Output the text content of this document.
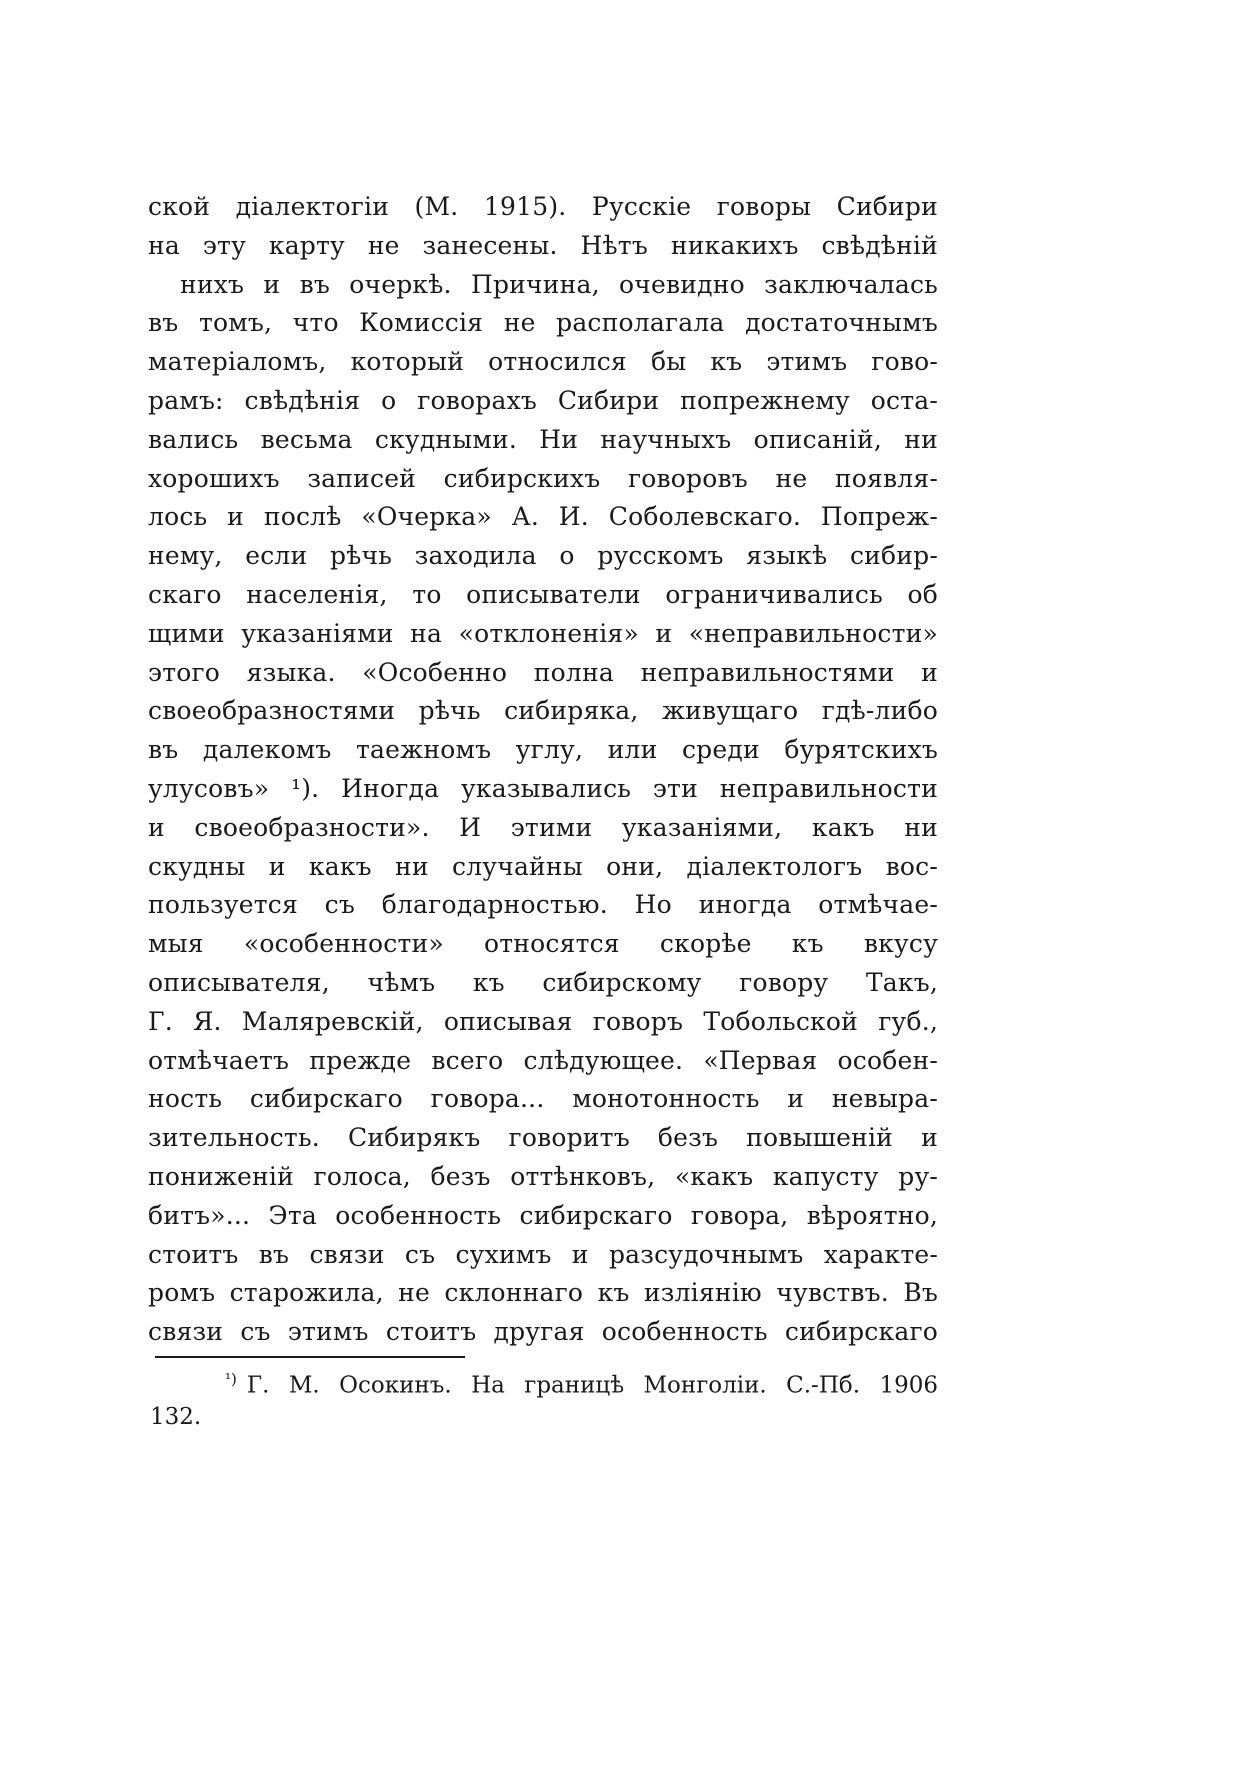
ской діалектогіи (М. 1915). Русскіе говоры Сибири
на эту карту не занесены. Нѣтъ никакихъ свѣдѣній
нихъ и въ очеркѣ. Причина, очевидно заключалась
въ томъ, что Комиссія не располагала достаточнымъ
матеріаломъ, который относился бы къ этимъ гово-
рамъ: свѣдѣнія о говорахъ Сибири попрежнему оста-
вались весьма скудными. Ни научныхъ описаній, ни
хорошихъ записей сибирскихъ говоровъ не появля-
лось и послѣ «Очерка» А. И. Соболевскаго. Попреж-
нему, если рѣчь заходила о русскомъ языкѣ сибир-
скаго населенія, то описыватели ограничивались об
щими указаніями на «отклоненія» и «неправильности»
этого языка. «Особенно полна неправильностями и
своеобразностями рѣчь сибиряка, живущаго гдѣ-либо
въ далекомъ таежномъ углу, или среди бурятскихъ
улусовъ» ¹). Иногда указывались эти неправильности
и своеобразности». И этими указаніями, какъ ни
скудны и какъ ни случайны они, діалектологъ вос-
пользуется съ благодарностью. Но иногда отмѣчае-
мыя «особенности» относятся скорѣе къ вкусу
описывателя, чѣмъ къ сибирскому говору Такъ,
Г. Я. Маляревскій, описывая говоръ Тобольской губ.,
отмѣчаетъ прежде всего слѣдующее. «Первая особен-
ность сибирскаго говора... монотонность и невыра-
зительность. Сибирякъ говоритъ безъ повышеній и
пониженій голоса, безъ оттѣнковъ, «какъ капусту ру-
битъ»... Эта особенность сибирскаго говора, вѣроятно,
стоитъ въ связи съ сухимъ и разсудочнымъ характе-
ромъ старожила, не склоннаго къ изліянію чувствъ. Въ
связи съ этимъ стоитъ другая особенность сибирскаго
$^{^1)}$ Г. М. Осокинъ. На границѣ Монголіи. С.-Пб. 1906
132.
